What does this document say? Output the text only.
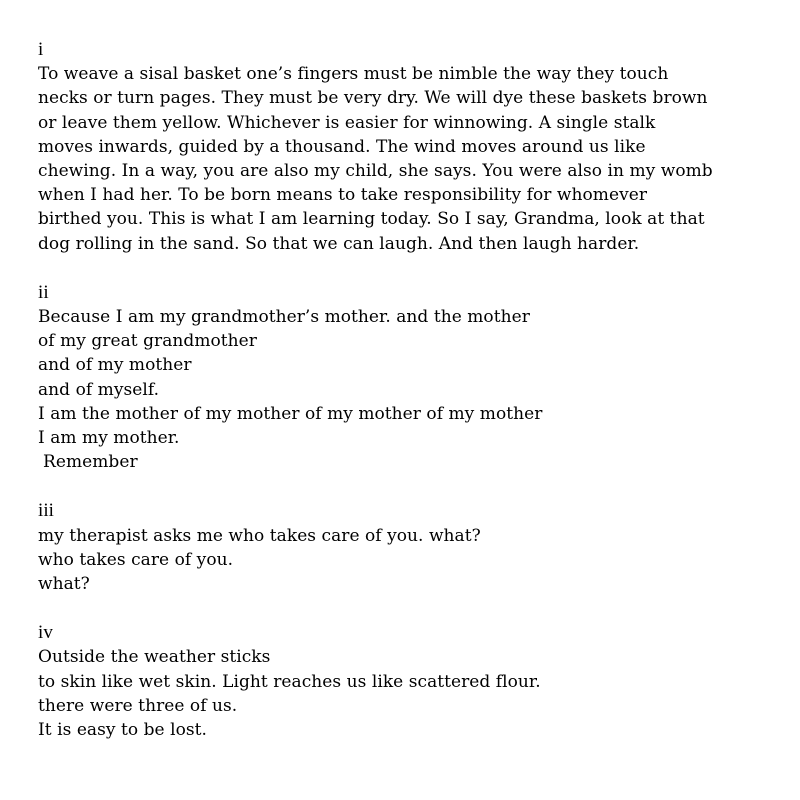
i
To weave a sisal basket one’s fingers must be nimble the way they touch
necks or turn pages. They must be very dry. We will dye these baskets brown
or leave them yellow. Whichever is easier for winnowing. A single stalk
moves inwards, guided by a thousand. The wind moves around us like
chewing. In a way, you are also my child, she says. You were also in my womb
when I had her. To be born means to take responsibility for whomever
birthed you. This is what I am learning today. So I say, Grandma, look at that
dog rolling in the sand. So that we can laugh. And then laugh harder.
ii
Because I am my grandmother’s mother. and the mother
of my great grandmother
and of my mother
and of myself.
I am the mother of my mother of my mother of my mother
I am my mother.
Remember
iii
my therapist asks me who takes care of you. what?
who takes care of you.
what?
iv
Outside the weather sticks
to skin like wet skin. Light reaches us like scattered flour.
there were three of us.
It is easy to be lost.
